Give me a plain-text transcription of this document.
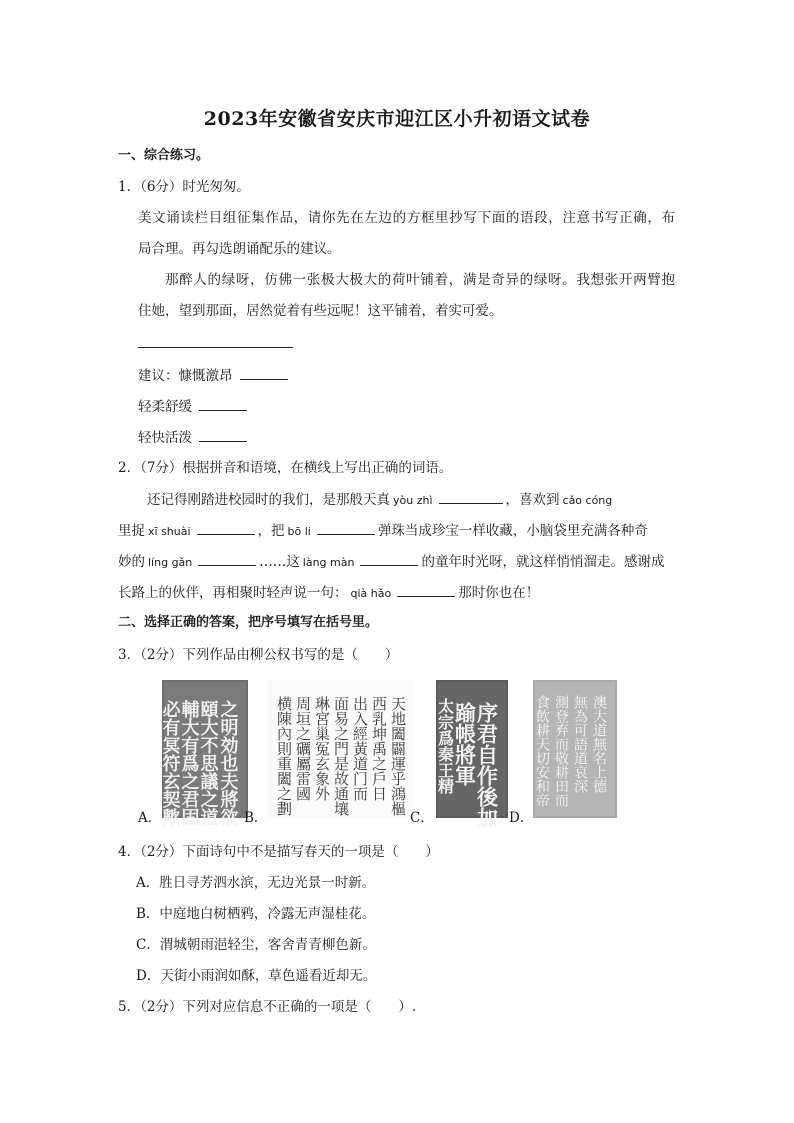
2023年安徽省安庆市迎江区小升初语文试卷
一、综合练习。
1．（6分）时光匆匆。
美文诵读栏目组征集作品，请你先在左边的方框里抄写下面的语段，注意书写正确，布
局合理。再勾选朗诵配乐的建议。
那醉人的绿呀，仿佛一张极大极大的荷叶铺着，满是奇异的绿呀。我想张开两臂抱
住她，望到那面，居然觉着有些远呢！这平铺着，着实可爱。
建议：慷慨激昂
轻柔舒缓
轻快活泼
2．（7分）根据拼音和语境，在横线上写出正确的词语。
还记得刚踏进校园时的我们，是那般天真 yòu zhì	，喜欢到 cǎo cóng
里捉 xī shuài	，把 bō li	弹珠当成珍宝一样收藏，小脑袋里充满各种奇
妙的 líng gǎn	……这 làng màn	的童年时光呀，就这样悄悄溜走。感谢成
长路上的伙伴，再相聚时轻声说一句： qià hǎo	那时你也在！
二、选择正确的答案，把序号填写在括号里。
3．（2分）下列作品由柳公权书写的是（　　）
之明効也夫將欲
頤大不思議之道
輔大有爲之君固
必有冥符玄契歟
A．
天地闔闢運乎鴻樞
西乳坤禹之戶日
出入經黃道门而
面易之門是故通壤
琳宮巢冤玄象外
周垣之礪屬雷國
横陳內則重闔之劃
B．	序君自作後加
踰帳將軍
太宗爲秦王精
C．
澳大道無名上德
無為可語道哀深
測登弃而敬耕田而
食飲耕天切安和帝
D．
4．（2分）下面诗句中不是描写春天的一项是（　　）
A．胜日寻芳泗水滨，无边光景一时新。
B．中庭地白树栖鸦，冷露无声湿桂花。
C．渭城朝雨浥轻尘，客舍青青柳色新。
D．天街小雨润如酥，草色遥看近却无。
5．（2分）下列对应信息不正确的一项是（　　）.
